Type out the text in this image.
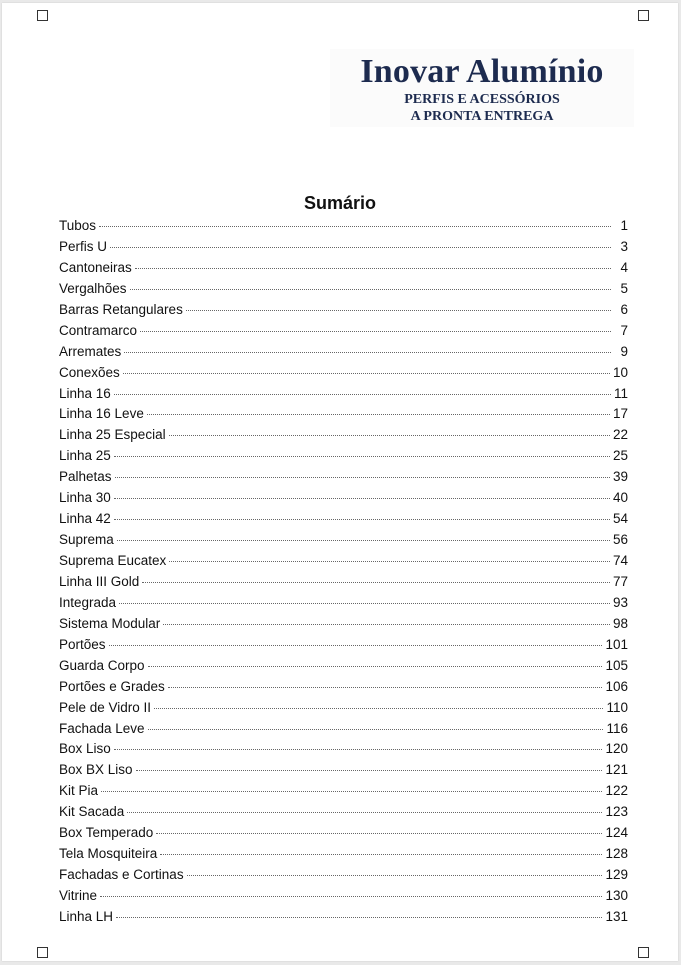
Inovar Alumínio
PERFIS E ACESSÓRIOS
A PRONTA ENTREGA
Sumário
Tubos	1
Perfis U	3
Cantoneiras	4
Vergalhões	5
Barras Retangulares	6
Contramarco	7
Arremates	9
Conexões	10
Linha 16	11
Linha 16 Leve	17
Linha 25 Especial	22
Linha 25	25
Palhetas	39
Linha 30	40
Linha 42	54
Suprema	56
Suprema Eucatex	74
Linha III Gold	77
Integrada	93
Sistema Modular	98
Portões	101
Guarda Corpo	105
Portões e Grades	106
Pele de Vidro II	110
Fachada Leve	116
Box Liso	120
Box BX Liso	121
Kit Pia	122
Kit Sacada	123
Box Temperado	124
Tela Mosquiteira	128
Fachadas e Cortinas	129
Vitrine	130
Linha LH	131
